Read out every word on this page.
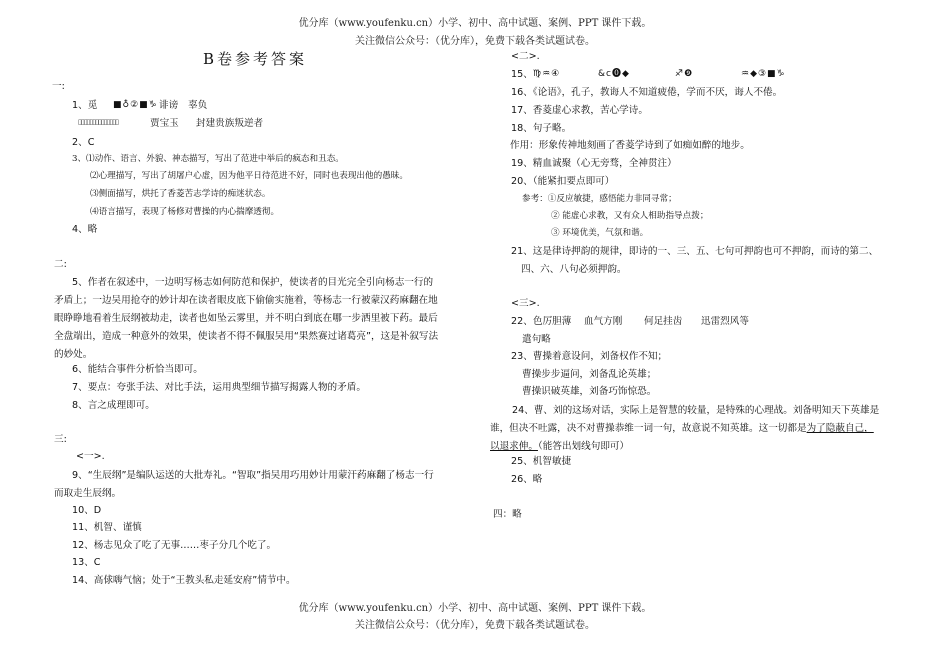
优分库（www.youfenku.cn）小学、初中、高中试题、案例、PPT 课件下载。
关注微信公众号：（优分库），免费下载各类试题试卷。
B卷参考答案
一:
1、觅 ■♁②■♑ 诽谤 辜负
▯▯▯▯▯▯▯▯▯▯▯▯▯▯	贾宝玉 封建贵族叛逆者
2、C
3、⑴动作、语言、外貌、神态描写，写出了范进中举后的疯态和丑态。
⑵心理描写，写出了胡屠户心虚，因为他平日待范进不好，同时也表现出他的愚昧。
⑶侧面描写，烘托了香菱苦志学诗的痴迷状态。
⑷语言描写，表现了杨修对曹操的内心揣摩透彻。
4、略
二:
5、作者在叙述中，一边明写杨志如何防范和保护，使读者的目光完全引向杨志一行的矛盾上；一边吴用抢夺的妙计却在读者眼皮底下偷偷实施着，等杨志一行被蒙汉药麻翻在地眼睁睁地看着生辰纲被劫走，读者也如坠云雾里，并不明白到底在哪一步洒里被下药。最后全盘端出，造成一种意外的效果，使读者不得不佩服吴用“果然赛过诸葛亮”，这是补叙写法的妙处。
6、能结合事件分析恰当即可。
7、要点：夸张手法、对比手法，运用典型细节描写揭露人物的矛盾。
8、言之成理即可。
三:
<一>.
9、“生辰纲”是编队运送的大批寿礼。“智取”指吴用巧用妙计用蒙汗药麻翻了杨志一行而取走生辰纲。
10、D
11、机智、谨慎
12、杨志见众了吃了无事……枣子分几个吃了。
13、C
14、高俅嗨气恼；处于“王教头私走延安府”情节中。
<二>.
15、 ♍♒④	&c⓿◆	♐❾	♒◆③■♑
16、《论语》，孔子，教诲人不知道疲倦，学而不厌，诲人不倦。
17、香菱虚心求教，苦心学诗。
18、句子略。
作用：形象传神地刻画了香菱学诗到了如痴如醉的地步。
19、精血诚聚（心无旁骛，全神贯注）
20、（能紧扣要点即可）
参考：①反应敏捷，感悟能力非同寻常；
② 能虚心求教，又有众人相助指导点拨；
③ 环境优美，气氛和谐。
21、这是律诗押韵的规律，即诗的一、三、五、七句可押韵也可不押韵，而诗的第二、
四、六、八句必须押韵。
<三>.
22、 色厉胆薄 血气方刚 何足挂齿 迅雷烈风等
遣句略
23、曹操着意设问，刘备权作不知；
曹操步步逼问，刘备乱论英雄；
曹操识破英雄，刘备巧饰惊恐。
24、曹、刘的这场对话，实际上是智慧的较量，是特殊的心理战。刘备明知天下英雄是谁，但决不吐露，决不对曹操恭维一词一句，故意说不知英雄。这一切都是为了隐蔽自己，以退求伸。（能答出划线句即可）
25、机智敏捷
26、略
四：略
优分库（www.youfenku.cn）小学、初中、高中试题、案例、PPT 课件下载。
关注微信公众号：（优分库），免费下载各类试题试卷。
